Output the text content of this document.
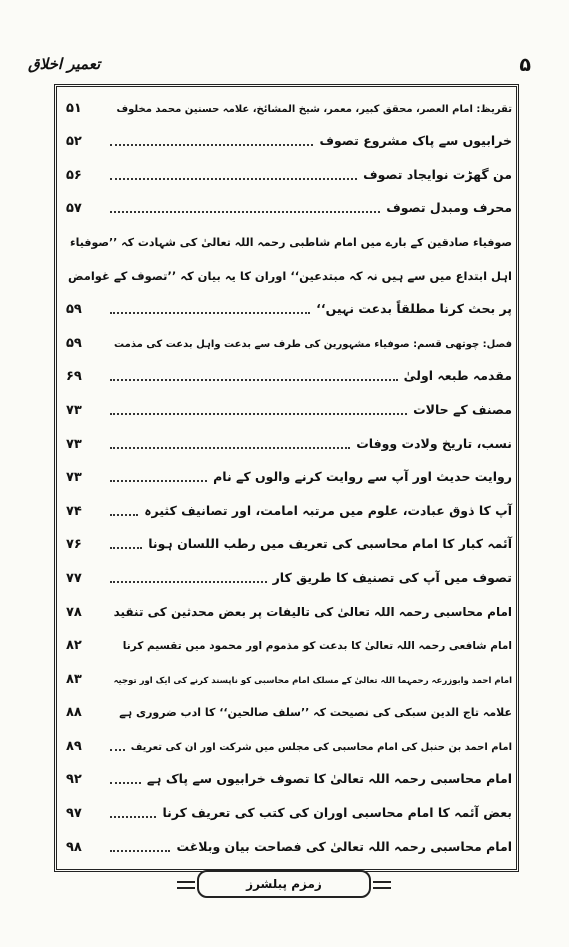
تعمیر اخلاق	۵
تقریظ: امام العصر، محقق کبیر، معمر، شیخ المشائخ، علامہ حسنین محمد مخلوف
۵۱
خرابیوں سے پاک مشروع تصوف
۵۲
من گھڑت نوایجاد تصوف
۵۶
محرف ومبدل تصوف
۵۷
صوفیاء صادقین کے بارے میں امام شاطبی رحمہ اللہ تعالیٰ کی شہادت کہ ’’صوفیاء
اہل ابتداع میں سے ہیں نہ کہ مبتدعین‘‘ اوران کا یہ بیان کہ ’’تصوف کے غوامض
پر بحث کرنا مطلقاً بدعت نہیں‘‘
۵۹
فصل: چوتھی قسم: صوفیاء مشہورین کی طرف سے بدعت واہل بدعت کی مذمت
۵۹
مقدمہ طبعہ اولیٰ
۶۹
مصنف کے حالات
۷۳
نسب، تاریخ ولادت ووفات
۷۳
روایت حدیث اور آپ سے روایت کرنے والوں کے نام
۷۳
آپ کا ذوق عبادت، علوم میں مرتبہ امامت، اور تصانیف کثیرہ
۷۴
آئمہ کبار کا امام محاسبی کی تعریف میں رطب اللسان ہونا
۷۶
تصوف میں آپ کی تصنیف کا طریق کار
۷۷
امام محاسبی رحمہ اللہ تعالیٰ کی تالیفات پر بعض محدثین کی تنقید
۷۸
امام شافعی رحمہ اللہ تعالیٰ کا بدعت کو مذموم اور محمود میں تقسیم کرنا
۸۲
امام احمد وابوزرعہ رحمہما اللہ تعالیٰ کے مسلک امام محاسبی کو ناپسند کرنے کی ایک اور توجیہ
۸۳
علامہ تاج الدین سبکی کی نصیحت کہ ’’سلف صالحین‘‘ کا ادب ضروری ہے
۸۸
امام احمد بن حنبل کی امام محاسبی کی مجلس میں شرکت اور ان کی تعریف
۸۹
امام محاسبی رحمہ اللہ تعالیٰ کا تصوف خرابیوں سے پاک ہے
۹۲
بعض آئمہ کا امام محاسبی اوران کی کتب کی تعریف کرنا
۹۷
امام محاسبی رحمہ اللہ تعالیٰ کی فصاحت بیان وبلاغت
۹۸
زمزم پبلشرز
